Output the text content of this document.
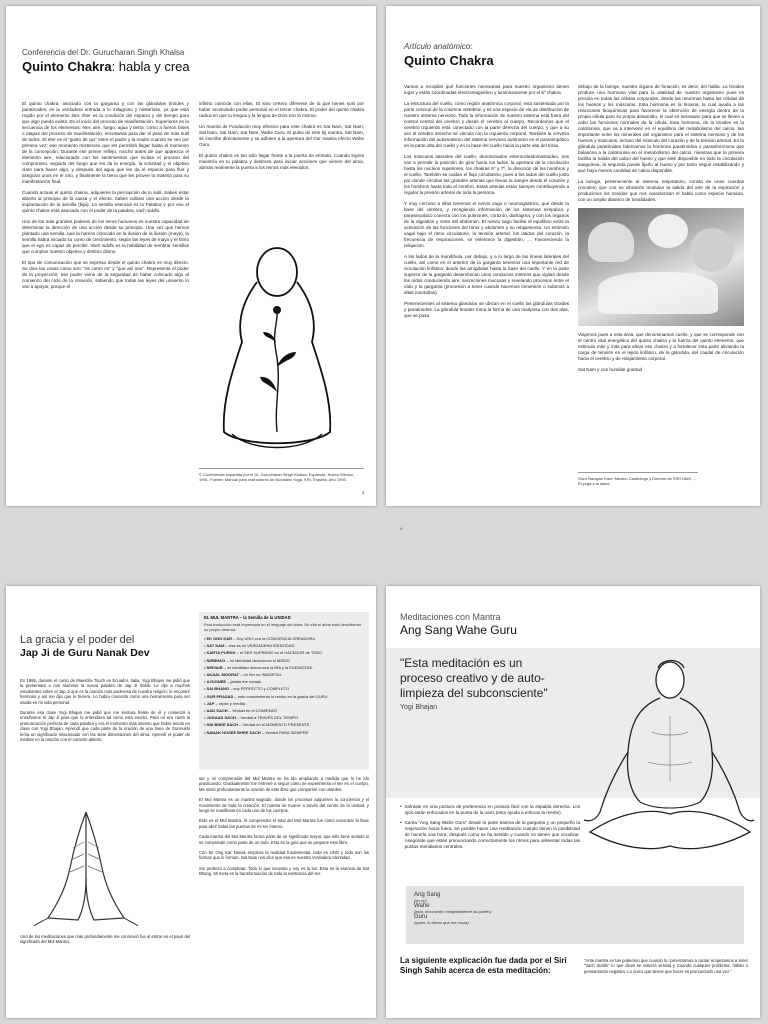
Conferencia del Dr. Gurucharan Singh Khalsa
Quinto Chakra: habla y crea

El quinto chakra, asociado con la garganta y con las glándulas tiroides y paratiroides, es la verdadera entrada a lo milagroso y misterioso, ya que está regido por el elemento éter. Éter es la condición del espacio y del tiempo para que algo pueda existir. Es el inicio del proceso de manifestación. Superiores en la secuencia de los elementos: éter, aire, fuego, agua y tierra, como a fueron fases o etapas del proceso de manifestación, necesarias para dar el paso de más sutil de todos. El éter es el "gusto de ojo" entre el padre y la madre cuando se ven por primera vez; ese momento misterioso que les permitirá llegar hasta el momento de la concepción. Durante ese primer reflejo, mucho antes de que aparezca el elemento aire, relacionado con los sentimientos que incitan el proceso del compromiso, seguido del fuego que les da la energía, la voluntad y el objetivo claro para hacer algo, y después del agua que les da el espacio para fluir y asegurar unos en el otro, y finalmente la tierra que les provee la materia para su manifestación final.

Cuando actuas el quinto chakra, adquieres la percepción de lo sutil. Sabes estar abierto al principio de la causa y el efecto. Sabes cultivar una acción desde la implantación de la semilla (bija). La semilla esencial es la Palabra y por eso el quinto chakra está asociado con el poder de la palabra, vach siddhi.

Uno de los más grandes poderes de los seres humanos es nuestra capacidad de determinar la dirección de una acción desde su principio. Una vez que hemos plantado una semilla, que la hemos colocado en la ilusión de la ilusión (maya), la semilla habrá iniciado su curso de crecimiento, según las leyes de maya y el ritmo que el ego es capaz de percibir. Vach siddhi es la habilidad de sembrar semillas que cumplan nuestro objetivo y destino último.

El tipo de comunicación que se expresa desde el quinto chakra es muy directo. Se dice las cosas como son: "es como es" y "que así sea". Representa el poder de la proyección; ese poder viene de la seguridad de haber colocado algo al comienzo del ciclo de la creación, sabiendo que todas las leyes del universo lo van a apoyar, porque el

infinito coincide con ellas. El sino certero diferente de lo que tienes solo por haber acumulado poder personal en el tercer chakra. El poder del quinto chakra radica en que tu lengua y la lengua de Dios son lo mismo.

Un mantra de Fundación muy efectivo para este chakra es Sat Nam, Sat Nam, Sat Nam, Sat Nam, Sat Nam, Wahe Guru. El pulso de este bij mantra, Sat Nam, se inscribe directamente y se adhiere a la apertura del Gur mantra efecto Wahe Guru.

El quinto chakra es tan sólo llegar frente a la puerta de entrada. Cuando logres maestría en tu palabra y destreza para iniciar acciones que vienen del alma, abrirás realmente la puerta a los reinos más elevados.

© Conferencia impartida por el Dr. Gurucharan Singh Khalsa, Espanola, Nuevo México, 1991. Fuente: Manual para instructores de Kundalini Yoga, KRI, España, Año 1993.
3
Artículo anatómico:
Quinto Chakra

Vamos a recopilar qué funciones necesarias para nuestro organismo tienen lugar y están coordinadas electromagnético y luminicamente por el 5º chakra.

La estructura del cuello, como región anatómica corporal, está sustentada por la parte cervical de la columna vertebral, y es una especie de vía de distribución de nuestro sistema nervioso. Todo la información de nuestro sistema está fuera del control central del cerebro y desde el cerebro al cuerpo. Recordemos que el cerebro izquierdo está conectado con la parte derecha del cuerpo, y que a su vez el cerebro derecho se vincula con la izquierda corporal. También la cerveza información del automatismo del sistema nervioso autónomo en el parasimpático en la parte alta del cuello y en la base del cuello hacia la parte alta del tórax.

Los músculos laterales del cuello, denominados esternocleidomastoideo, nos van a permitir la posición de girar hacia los lados, la apertura de la circulación hasta los núcleos superiores, los chakras 6º y 7º, la dirección de los hombros y el cuello. También se cuidan el flujo circulatorio, pues a los lados del cuello justo por donde circulan las grandes arterias que llevan la sangre desde el corazón y los hombros hasta todo el cerebro. Estas arterias están siempre contribuyendo a regular la presión arterial de toda la persona.

Y muy cercano a ellas tenemos el nervio vago o neumogástrico, que desde la base del cerebro, y recogiendo información de los sistemas simpático y parasimpático conecta con los pulmones, corazón, diafragma, y con los órganos de la digestión y resto del abdomen. El nervio vago facilita el equilibrio entre la activación de las funciones del tórax y abdomen y su relajamiento. Un estímulo vagal bajo el ritmo circulatorio, la tensión arterial, los latidos del corazón, la frecuencia de respiraciones, se enlentece la digestión, .... Favoreciendo la relajación.

A los lados de la mandíbula, por debajo, y a lo largo de las líneas laterales del cuello, así como en el anterior de la garganta tenemos una importante red de circulación linfática: desde las amígdalas hasta la base del cuello. Y en la parte superior de la garganta desembocan unos conductos internos que vigilan desde los oídos conduciendo aire, secreciones mucosas y revelando procesos entre el oído y la garganta (procesión a tener cuando hacemos inmersión o subimos a altas montañas).

Pertenecientes al sistema glandular se ubican en el cuello las glándulas tiroides y paratiroides. La glándula tiroides toma la forma de una mariposa con dos alas, que se posa

debajo de la laringe, nuestro órgano de fonación, es decir, del habla. La tiroides produce una hormona vital para la vitalidad de nuestro organismo pues es precisa en todas las células corporales, desde las neuronas hasta las células de los huesos y los músculos. Esta hormona es la tiroxina, la cual ayuda a las reacciones bioquímicas para favorecer la obtención de energía dentro de la propia célula para su propio desarrollo, el cual es necesario para que se lleven a cabo las funciones normales de la célula. Esta hormona, de la tiroides es la calcitonina, que va a intervenir en el equilibrio del metabolismo del calcio, tan importante entre los minerales del organismo para el sistema nervioso y de los huesos y músculos, incluso del músculo del corazón y de la tensión arterial. En la glándula paratiroides fabricamos la hormona paratiroidea o paratohormona que balancea a la calcitonina en el metabolismo del calcio, mientras que la primera facilita la salida del calcio del hueso y que esté disponible en todo la circulación sanguínea, la segunda puede fijarlo al hueso y por tanto seguir estabilizando y que haya menos cantidad de calcio disponible.

La laringe, perteneciente al sistema respiratorio, consta de unas cuerdas (vocales) que con su vibración modulan la salida del aire de la espiración y producimos los sonidos que nos caracterizan el habla como especie humana, con un amplio abanico de tonalidades.

Viajemos pues a esta área, que denominamos cuello, y que se corresponde con el centro vital energético del quinto chakra y la fuerza del quinto elemento, que estimula más y más para afinar ese chakra y a fortalecer esta parte aliviando la carga de tensión en el tejido linfático, de la glándula, del caudal de circulación hacia el cerebro y de relajamiento corporal.

Sat Nam y con humilde gratitud

Guru Narayan Kaur. Médico Cardiólogo y Director de SIRI NAM, ... El yoga y la salud.
4
La gracia y el poder del
Jap Ji de Guru Nanak Dev
EL MUL MANTRA – la Semilla de la UNIDAD
Esta traducción está expresada en el lenguaje del alma. En ella el alma está descifrando su propio dharma.
• EK ONG KAR – Soy UNO con la CONCIENCIA CREADORA
• SAT NAM – esa es mi VERDADERA IDENTIDAD
• KARTA PURKH – el SER SUPREMO es el HACEDOR de TODO
• NIRBHAO – mi identidad desconoce el MIEDO
• NIRVAIR – mi identidad desconoce la IRA y la ENEMISTAD
• AKAAL MOORAT – mi Ser es INMORTAL
• AJOONEE – jamás fue creado
• SAI BHANG – soy PERFECTO y COMPLETO
• GUR PRASAD – esto conocimiento lo recibo en la gracia del GURU
• JAP – repite y medita
• AAD SACH – Verdad en el COMIENZO
• JUGAAD SACH – Verdad a TRAVÉS DEL TIEMPO
• HAI BHEE SACH – Verdad en el MOMENTO PRESENTE
• NANAK HOSEE BHEE SACH – Verdad PARA SIEMPRE

En 1995, durante el curso de Maestría Touch en Ecuador, Italia, Yogi Bhajan me pidió que la presentara a mis alumnos la nueva palabra de Jap Ji Sahib. Le dije a muchos estudiantes sobre el Jap Ji que es la oración más poderosa de nuestra religión; lo encontré hermoso y así me dijo que lo hiciera. Lo había conocido como una herramienta para ser usada en mi vida personal.

Durante esa clase Yogi Bhajan me pidió que me sentara frente de él y comenzó a enseñarme el Jap Ji para que lo entendiera tal como está escrito. Para mí era cierto la pronunciación perfecta de cada palabra y era el momento más intenso que había tenido en clase con Yogi Bhajan. Aprendí que cada parte de la oración de una línea de Gurmukhi tenía un significado relacionado con las siete dimensiones del alma. Aprendí el poder de meditar en la oración con el corazón abierto.

Uno de los meditaciones que más profundamente me conmovió fue al entrar en el pauri del significado del Mul Mantra.

ser y mi comprensión del Mul Mantra se ha ido ampliando a medida que lo he ido practicando. Gradualmente me entrené a seguir cómo se experimenta el ser en el cuerpo. Me sintió profundamente la oración de este libro que compartiré con ustedes.

El Mul Mantra es un mantra sagrado, donde los procesos adquieren la conciencia y el movimiento de toda la creación. El mantra se mueve a través del centro de la unidad, y luego se manifiesta en cada uno de los cuerpos.

Esto es el Mul Mantra. Al comprender el total del Mul Mantra fue como encontrar la llave para abrir todas las puertas de mi ser interno.

Cada mantra del Mul Mantra forma parte de un significado mayor, que sólo tiene sentido si se comprende como parte de un todo. Esta es la guía que se propone este libro.

Con Ek Ong Kar Nanak empieza la realidad fundamental, toda es UNO y todo son las formas que lo forman. Sat Nam nos dice que esa es nuestra Verdadera Identidad.

Sin profecía a completar. Todo lo que necesito y soy es la luz. Esta es la esencia de Sat Bhang. Mi meta es la transformación de toda la existencia del ser.

Meditaciones con Mantra
Ang Sang Wahe Guru
"Esta meditación es un proceso creativo y de auto-limpieza del subconsciente"
Yogi Bhajan
• Siéntate en una postura de preferencia en postura fácil con la espalda derecha. Los ojos están enfocados en la punta de la nariz (esta ayuda a enfocar la mente).

• Canta "Ang Sang Wahe Guru" desde la parte trasera de la garganta y un pequeño la respiración hacia fuera. Sé posible hacer una meditación cuando tienen la posibilidad de hacerla una hora; después como se ha sentido y cuando no tienen que vocalizar. Asegúrate que estés pronunciando correctamente los ritmos para alimentar todas las puntas meridianos centrales.

Ang Sang
(en mí)
Wahe
(esta, invocando completamente las partes)
Guru
(quien, lo divino que me cruza)
La siguiente explicación fue dada por el Siri Singh Sahib acerca de esta meditación:

"Ante mantra es tan poderoso que cuando lo comenzamos a cantar empezamos a tener "Vach Siddhi" lo que dices se volverá verdad y Cuando cualquier problema, hábito o pensamiento negativo. Lo único que tienes que hacer es pronunciarlo una vez."
